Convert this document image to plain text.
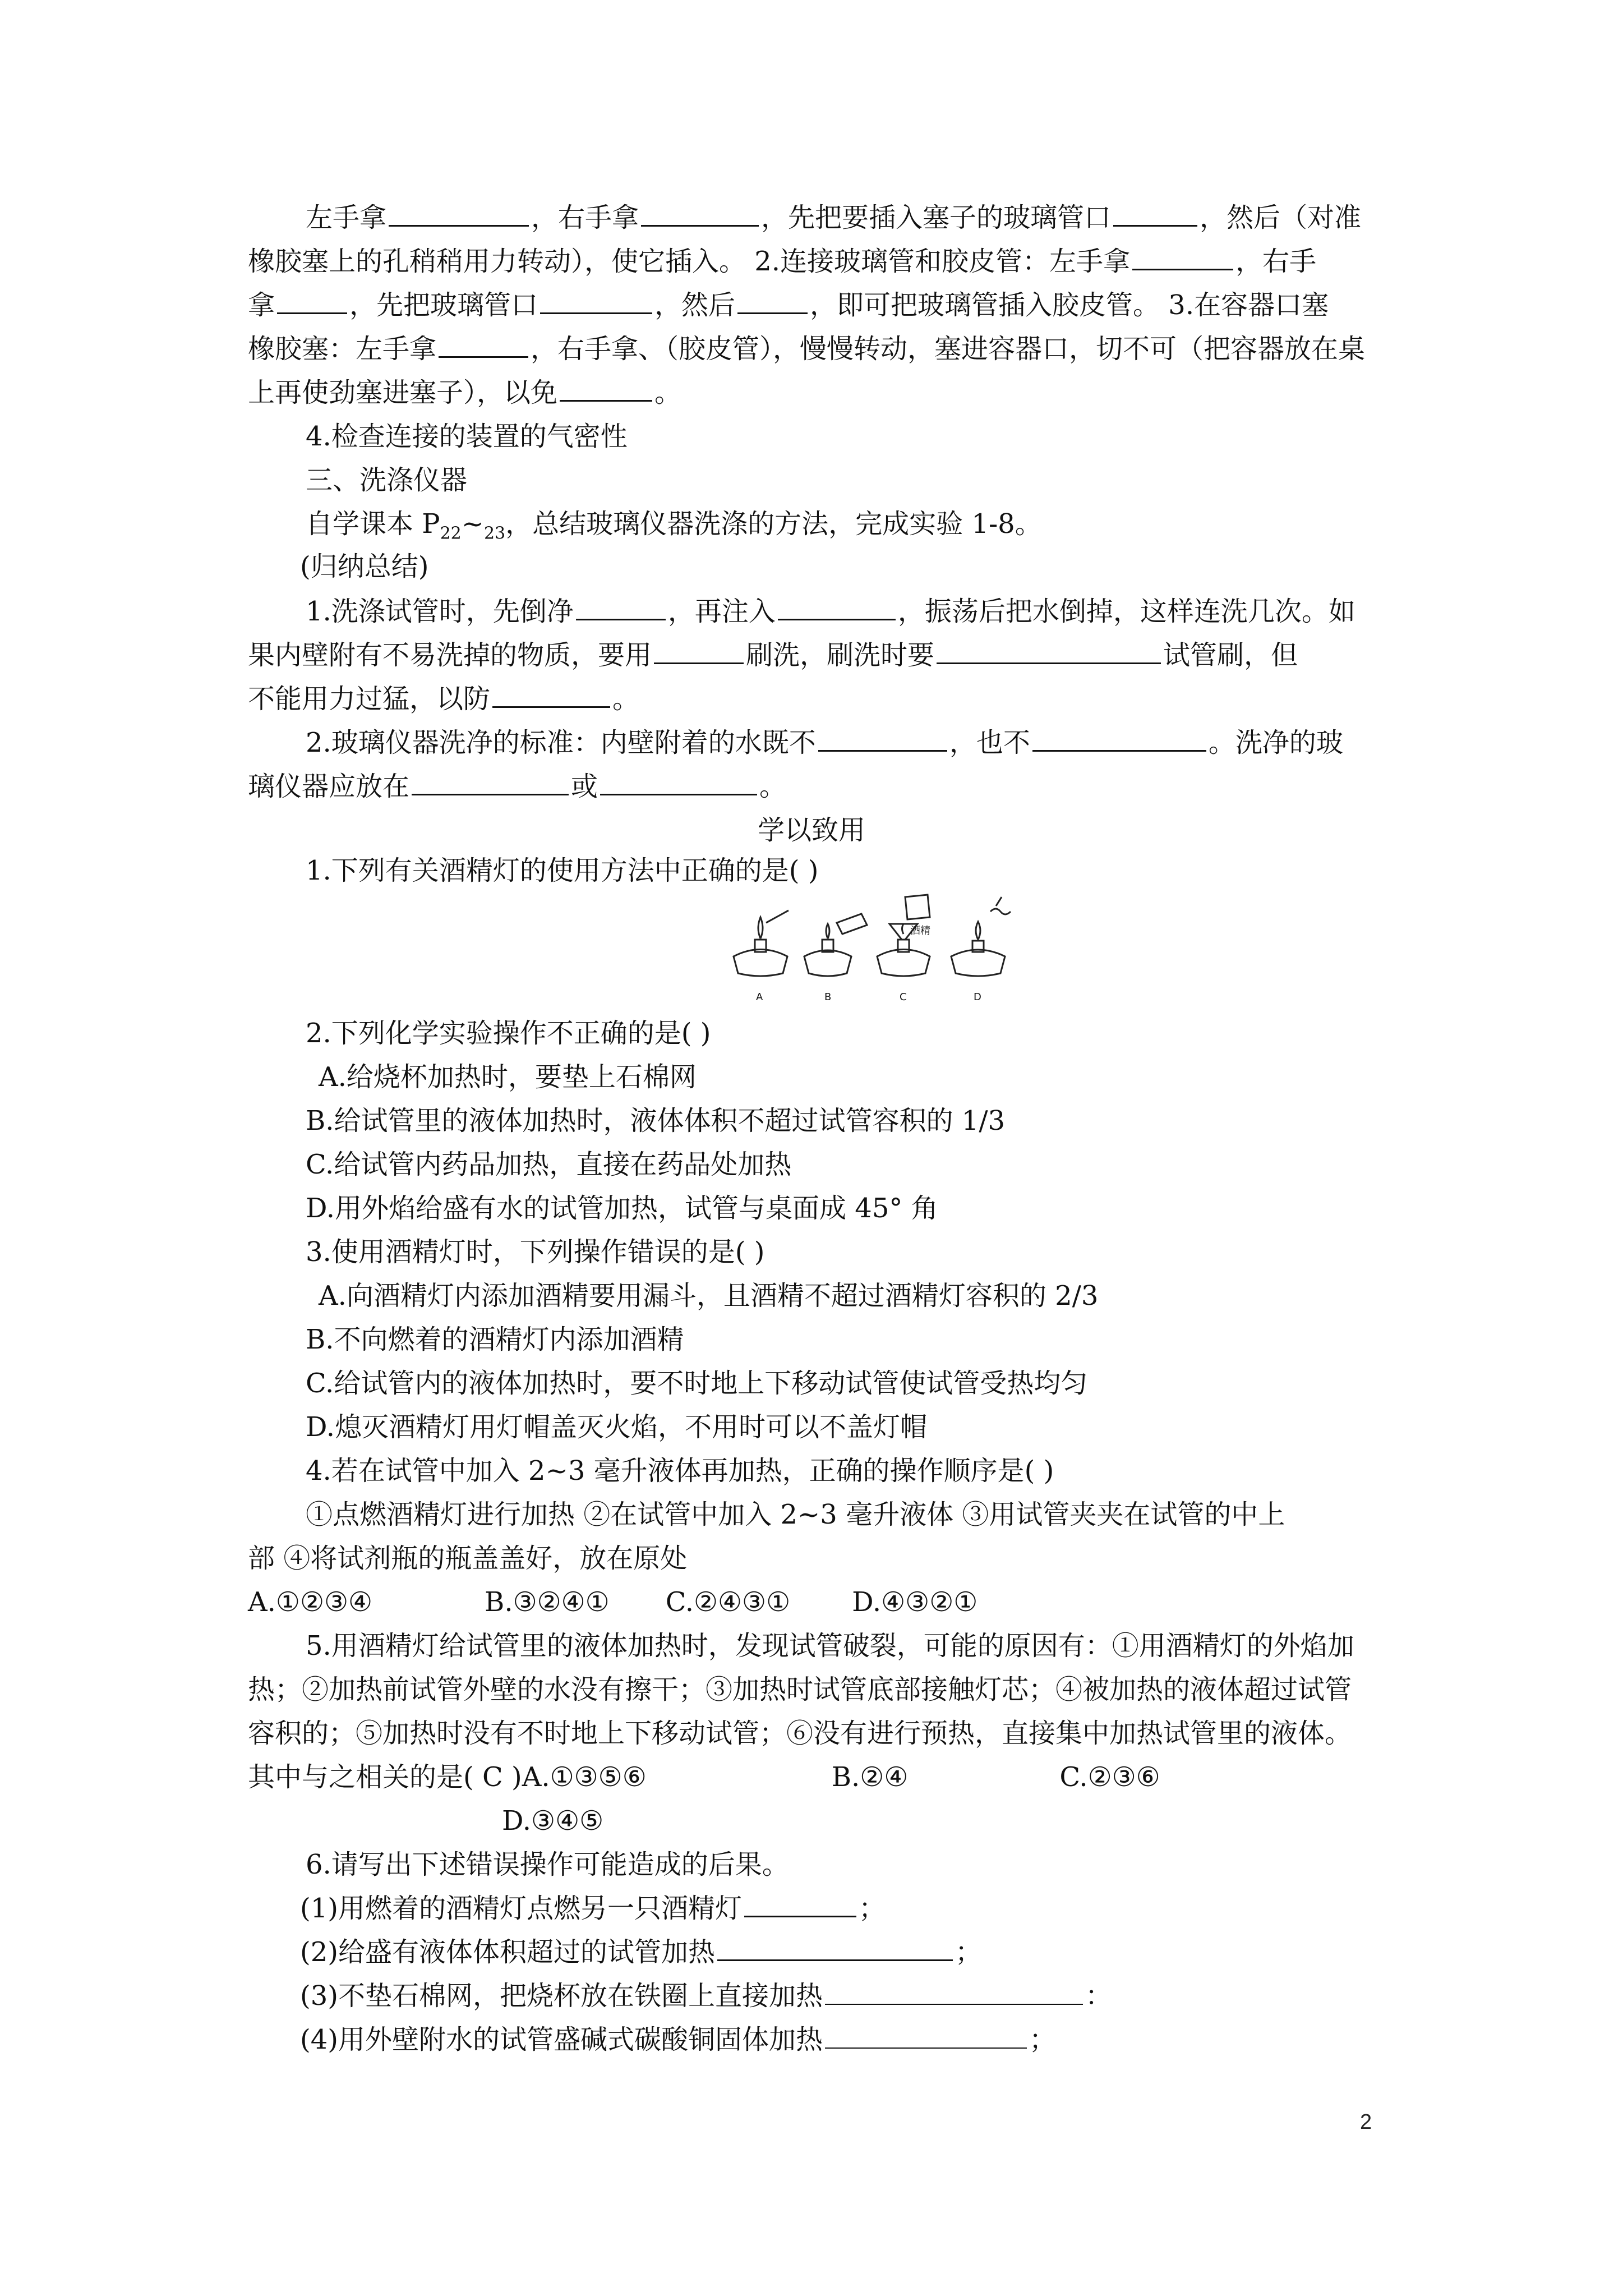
左手拿	，右手拿	，先把要插入塞子的玻璃管口	，然后（对准
橡胶塞上的孔稍稍用力转动），使它插入。 2.连接玻璃管和胶皮管：左手拿	，右手
拿	，先把玻璃管口	，然后	，即可把玻璃管插入胶皮管。 3.在容器口塞
橡胶塞：左手拿	，右手拿、（胶皮管），慢慢转动，塞进容器口，切不可（把容器放在桌
上再使劲塞进塞子），以免	。
4.检查连接的装置的气密性
三、洗涤仪器
自学课本 $P_{22}\sim_{23}$，总结玻璃仪器洗涤的方法，完成实验 1-8。
(归纳总结)
1.洗涤试管时，先倒净	，再注入	，振荡后把水倒掉，这样连洗几次。如
果内壁附有不易洗掉的物质，要用	刷洗，刷洗时要	试管刷，但
不能用力过猛，以防	。
2.玻璃仪器洗净的标准：内壁附着的水既不	，也不	。洗净的玻
璃仪器应放在	或	。
学以致用
1.下列有关酒精灯的使用方法中正确的是( )
酒精
A	B	C	D
2.下列化学实验操作不正确的是( )
A.给烧杯加热时，要垫上石棉网
B.给试管里的液体加热时，液体体积不超过试管容积的 1/3
C.给试管内药品加热，直接在药品处加热
D.用外焰给盛有水的试管加热，试管与桌面成 45° 角
3.使用酒精灯时，下列操作错误的是( )
A.向酒精灯内添加酒精要用漏斗，且酒精不超过酒精灯容积的 2/3
B.不向燃着的酒精灯内添加酒精
C.给试管内的液体加热时，要不时地上下移动试管使试管受热均匀
D.熄灭酒精灯用灯帽盖灭火焰，不用时可以不盖灯帽
4.若在试管中加入 2~3 毫升液体再加热，正确的操作顺序是( )
①点燃酒精灯进行加热 ②在试管中加入 2~3 毫升液体 ③用试管夹夹在试管的中上
部 ④将试剂瓶的瓶盖盖好，放在原处
A.①②③④	B.③②④① C.②④③① D.④③②①
5.用酒精灯给试管里的液体加热时，发现试管破裂，可能的原因有：①用酒精灯的外焰加
热；②加热前试管外壁的水没有擦干；③加热时试管底部接触灯芯；④被加热的液体超过试管
容积的；⑤加热时没有不时地上下移动试管；⑥没有进行预热，直接集中加热试管里的液体。
其中与之相关的是( C )A.①③⑤⑥	B.②④	C.②③⑥
D.③④⑤
6.请写出下述错误操作可能造成的后果。
(1)用燃着的酒精灯点燃另一只酒精灯	；
(2)给盛有液体体积超过的试管加热	；
(3)不垫石棉网，把烧杯放在铁圈上直接加热	：
(4)用外壁附水的试管盛碱式碳酸铜固体加热	；
2
